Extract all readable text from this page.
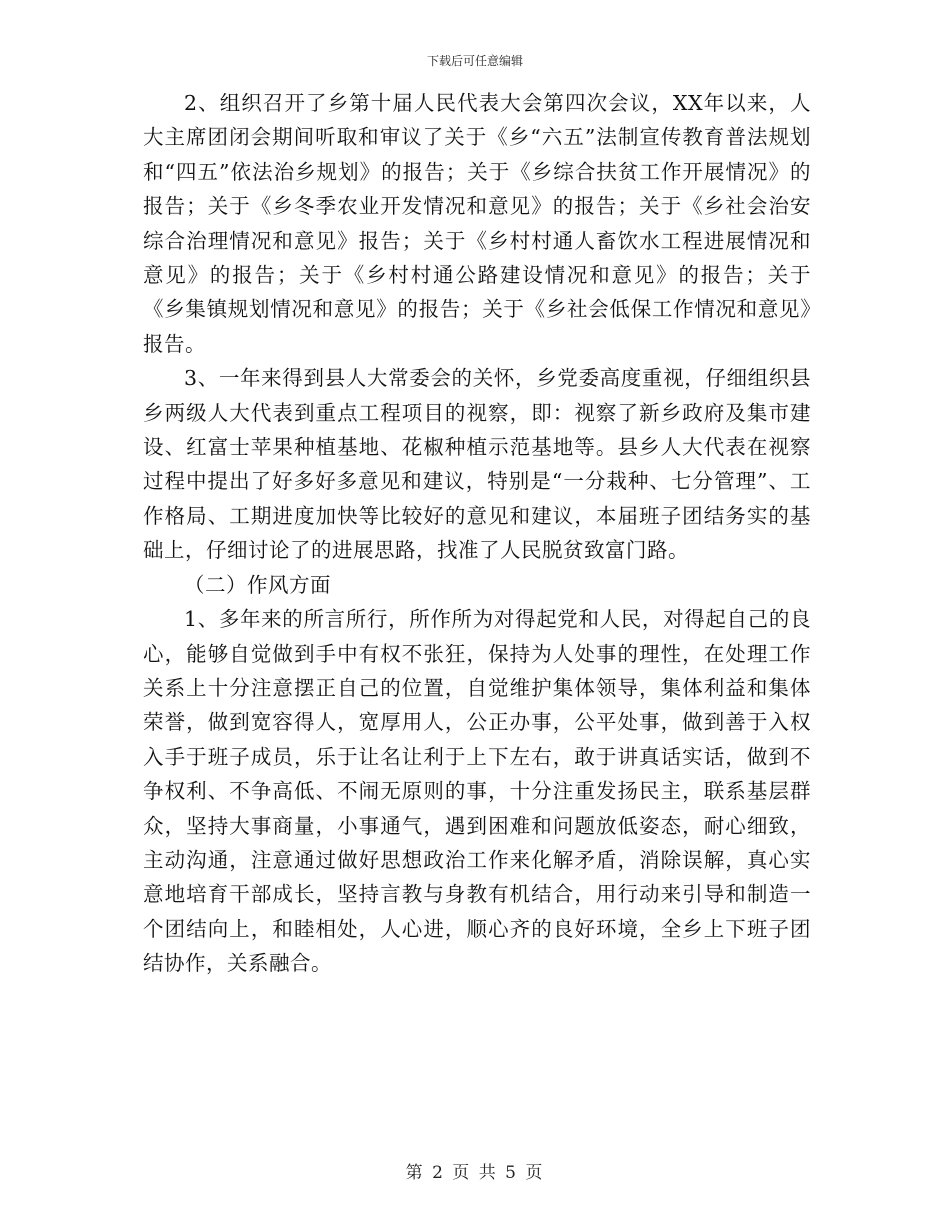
下载后可任意编辑

2、组织召开了乡第十届人民代表大会第四次会议，XX年以来，人大主席团闭会期间听取和审议了关于《乡“六五”法制宣传教育普法规划和“四五”依法治乡规划》的报告；关于《乡综合扶贫工作开展情况》的报告；关于《乡冬季农业开发情况和意见》的报告；关于《乡社会治安综合治理情况和意见》报告；关于《乡村村通人畜饮水工程进展情况和意见》的报告；关于《乡村村通公路建设情况和意见》的报告；关于《乡集镇规划情况和意见》的报告；关于《乡社会低保工作情况和意见》报告。

3、一年来得到县人大常委会的关怀，乡党委高度重视，仔细组织县乡两级人大代表到重点工程项目的视察，即：视察了新乡政府及集市建设、红富士苹果种植基地、花椒种植示范基地等。县乡人大代表在视察过程中提出了好多好多意见和建议，特别是“一分栽种、七分管理”、工作格局、工期进度加快等比较好的意见和建议，本届班子团结务实的基础上，仔细讨论了的进展思路，找准了人民脱贫致富门路。

（二）作风方面

1、多年来的所言所行，所作所为对得起党和人民，对得起自己的良心，能够自觉做到手中有权不张狂，保持为人处事的理性，在处理工作关系上十分注意摆正自己的位置，自觉维护集体领导，集体利益和集体荣誉，做到宽容得人，宽厚用人，公正办事，公平处事，做到善于入权入手于班子成员，乐于让名让利于上下左右，敢于讲真话实话，做到不争权利、不争高低、不闹无原则的事，十分注重发扬民主，联系基层群众，坚持大事商量，小事通气，遇到困难和问题放低姿态，耐心细致，主动沟通，注意通过做好思想政治工作来化解矛盾，消除误解，真心实意地培育干部成长，坚持言教与身教有机结合，用行动来引导和制造一个团结向上，和睦相处，人心进，顺心齐的良好环境，全乡上下班子团结协作，关系融合。

第 2 页 共 5 页
